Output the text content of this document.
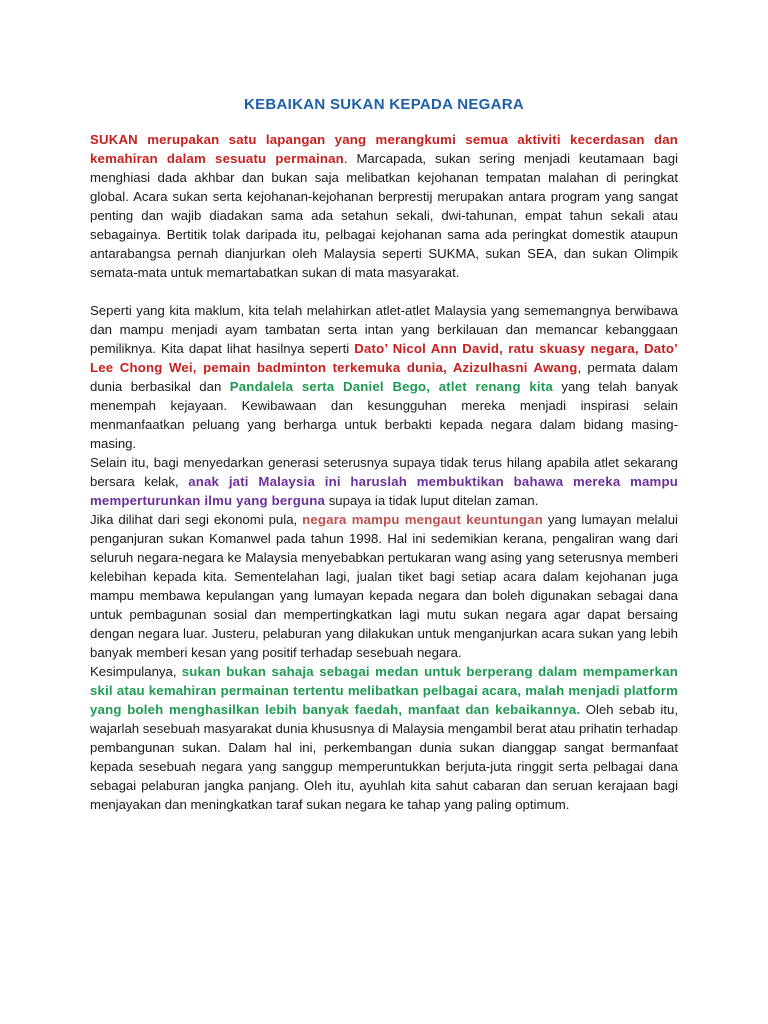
KEBAIKAN SUKAN KEPADA NEGARA

SUKAN merupakan satu lapangan yang merangkumi semua aktiviti kecerdasan dan kemahiran dalam sesuatu permainan. Marcapada, sukan sering menjadi keutamaan bagi menghiasi dada akhbar dan bukan saja melibatkan kejohanan tempatan malahan di peringkat global. Acara sukan serta kejohanan-kejohanan berprestij merupakan antara program yang sangat penting dan wajib diadakan sama ada setahun sekali, dwi-tahunan, empat tahun sekali atau sebagainya. Bertitik tolak daripada itu, pelbagai kejohanan sama ada peringkat domestik ataupun antarabangsa pernah dianjurkan oleh Malaysia seperti SUKMA, sukan SEA, dan sukan Olimpik semata-mata untuk memartabatkan sukan di mata masyarakat.

Seperti yang kita maklum, kita telah melahirkan atlet-atlet Malaysia yang sememangnya berwibawa dan mampu menjadi ayam tambatan serta intan yang berkilauan dan memancar kebanggaan pemiliknya. Kita dapat lihat hasilnya seperti Dato’ Nicol Ann David, ratu skuasy negara, Dato’ Lee Chong Wei, pemain badminton terkemuka dunia, Azizulhasni Awang, permata dalam dunia berbasikal dan Pandalela serta Daniel Bego, atlet renang kita yang telah banyak menempah kejayaan. Kewibawaan dan kesungguhan mereka menjadi inspirasi selain menmanfaatkan peluang yang berharga untuk berbakti kepada negara dalam bidang masing-masing.

Selain itu, bagi menyedarkan generasi seterusnya supaya tidak terus hilang apabila atlet sekarang bersara kelak, anak jati Malaysia ini haruslah membuktikan bahawa mereka mampu memperturunkan ilmu yang berguna supaya ia tidak luput ditelan zaman.

Jika dilihat dari segi ekonomi pula, negara mampu mengaut keuntungan yang lumayan melalui penganjuran sukan Komanwel pada tahun 1998. Hal ini sedemikian kerana, pengaliran wang dari seluruh negara-negara ke Malaysia menyebabkan pertukaran wang asing yang seterusnya memberi kelebihan kepada kita. Sementelahan lagi, jualan tiket bagi setiap acara dalam kejohanan juga mampu membawa kepulangan yang lumayan kepada negara dan boleh digunakan sebagai dana untuk pembagunan sosial dan mempertingkatkan lagi mutu sukan negara agar dapat bersaing dengan negara luar. Justeru, pelaburan yang dilakukan untuk menganjurkan acara sukan yang lebih banyak memberi kesan yang positif terhadap sesebuah negara.

Kesimpulanya, sukan bukan sahaja sebagai medan untuk berperang dalam mempamerkan skil atau kemahiran permainan tertentu melibatkan pelbagai acara, malah menjadi platform yang boleh menghasilkan lebih banyak faedah, manfaat dan kebaikannya. Oleh sebab itu, wajarlah sesebuah masyarakat dunia khususnya di Malaysia mengambil berat atau prihatin terhadap pembangunan sukan. Dalam hal ini, perkembangan dunia sukan dianggap sangat bermanfaat kepada sesebuah negara yang sanggup memperuntukkan berjuta-juta ringgit serta pelbagai dana sebagai pelaburan jangka panjang. Oleh itu, ayuhlah kita sahut cabaran dan seruan kerajaan bagi menjayakan dan meningkatkan taraf sukan negara ke tahap yang paling optimum.
